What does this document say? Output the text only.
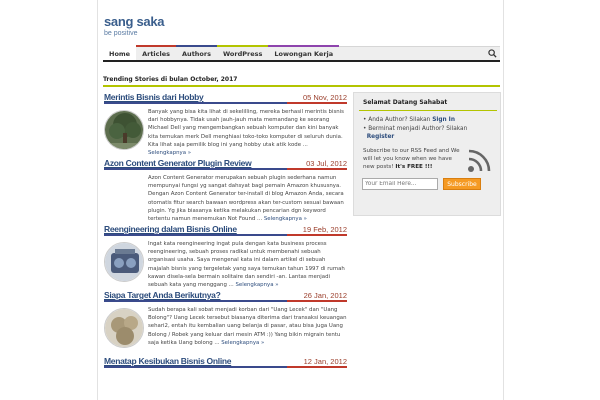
sang saka
be positive
Home	Articles	Authors	WordPress	Lowongan Kerja
Trending Stories di bulan October, 2017
Merintis Bisnis dari Hobby	05 Nov, 2012
Banyak yang bisa kita lihat di sekelilling, mereka berhasil merintis bisnis dari hobbynya. Tidak usah jauh-jauh mata memandang ke seorang Michael Dell yang mengembangkan sebuah komputer dan kini banyak kita temukan merk Dell menghiasi toko-toko komputer di seluruh dunia. Kita lihat saja pemilik blog ini yang hobby utak atik kode ... Selengkapnya »
Azon Content Generator Plugin Review	03 Jul, 2012
Azon Content Generator merupakan sebuah plugin sederhana namun mempunyai fungsi yg sangat dahsyat bagi pemain Amazon khususnya. Dengan Azon Content Generator ter-install di blog Amazon Anda, secara otomatis fitur search bawaan wordpress akan ter-custom sesuai bawaan plugin. Yg jika biasanya ketika melakukan pencarian dgn keyword tertentu namun menemukan Not Found ... Selengkapnya »
Reengineering dalam Bisnis Online	19 Feb, 2012
Ingat kata reengineering ingat pula dengan kata business process reengineering, sebuah proses radikal untuk membenahi sebuah organisasi usaha. Saya mengenal kata ini dalam artikel di sebuah majalah bisnis yang tergeletak yang saya temukan tahun 1997 di rumah kawan disela-sela bermain solitaire dan sendiri -an. Lantas menjadi sebuah kata yang menggang ... Selengkapnya »
Siapa Target Anda Berikutnya?	26 Jan, 2012
Sudah berapa kali sobat menjadi korban dari "Uang Lecek" dan "Uang Bolong"? Uang Lecek tersebut biasanya diterima dari transaksi keuangan sehari2, entah itu kembalian uang belanja di pasar, atau bisa juga Uang Bolong / Robek yang keluar dari mesin ATM :)) Yang bikin migrain tentu saja ketika Uang bolong ... Selengkapnya »
Menatap Kesibukan Bisnis Online	12 Jan, 2012
Selamat Datang Sahabat
• Anda Author? Silakan Sign In
• Berminat menjadi Author? Silakan
Register
Subscribe to our RSS Feed and We will let you know when we have new posts! It's FREE !!!
Your Email Here...
Subscribe
